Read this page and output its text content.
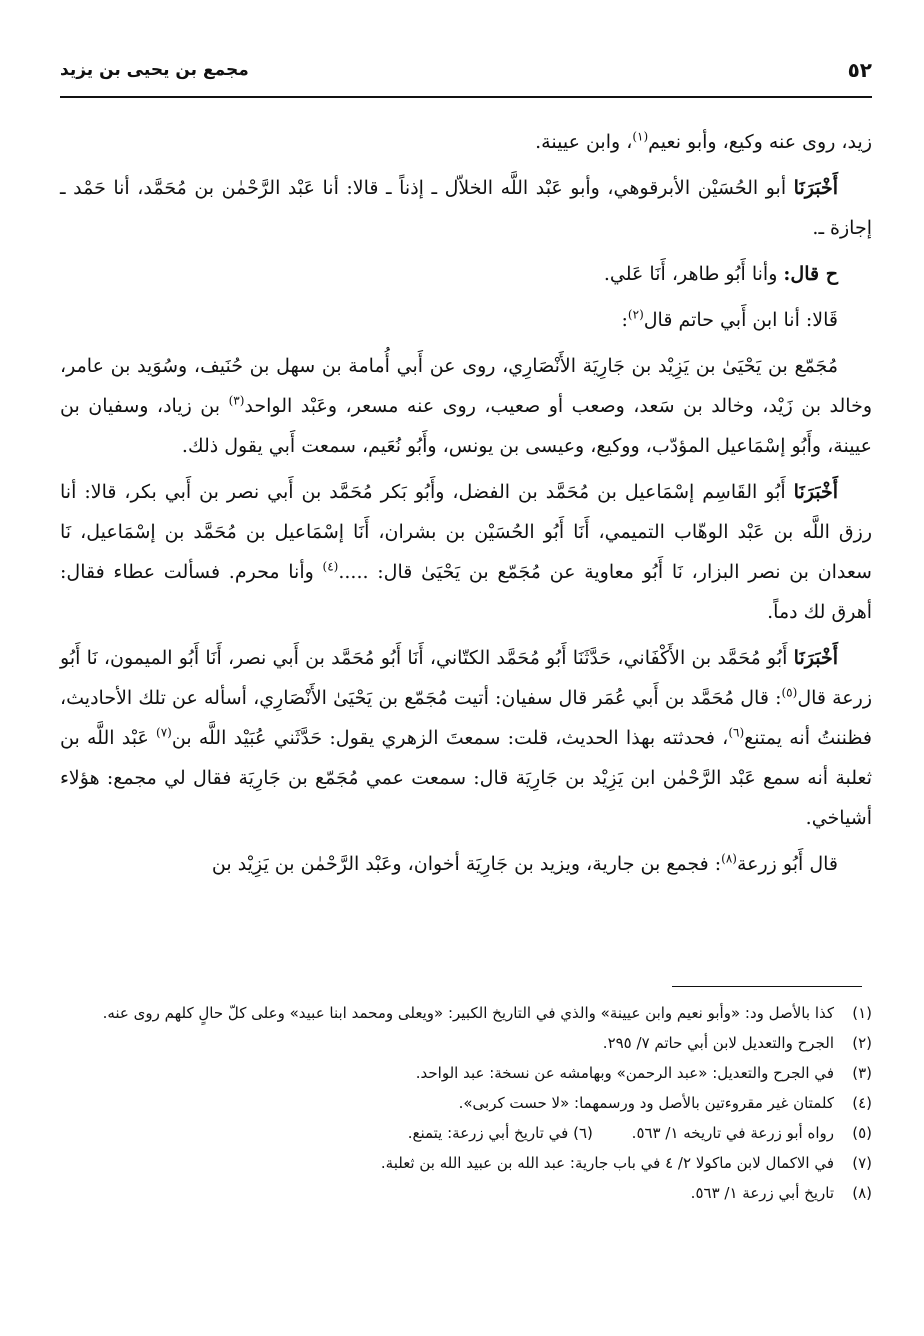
٥٢
مجمع بن يحيى بن يزيد

زيد، روى عنه وكيع، وأبو نعيم$^{(١)}$، وابن عيينة.

أَخْبَرَنَا أبو الحُسَيْن الأبرقوهي، وأبو عَبْد اللَّه الخلاّل ـ إذناً ـ قالا: أنا عَبْد الرَّحْمٰن بن مُحَمَّد، أنا حَمْد ـ إجازة ـ.

ح قال: وأنا أَبُو طاهر، أَنَا عَلي.

قَالا: أنا ابن أَبي حاتم قال$^{(٢)}$:

مُجَمّع بن يَحْيَىٰ بن يَزِيْد بن جَارِيَة الأَنْصَارِي، روى عن أَبي أُمامة بن سهل بن حُنَيف، وسُوَيد بن عامر، وخالد بن زَيْد، وخالد بن سَعد، وصعب أو صعيب، روى عنه مسعر، وعَبْد الواحد$^{(٣)}$ بن زياد، وسفيان بن عيينة، وأَبُو إسْمَاعيل المؤدّب، ووكيع، وعيسى بن يونس، وأَبُو نُعَيم، سمعت أَبي يقول ذلك.

أَخْبَرَنَا أَبُو القَاسِم إسْمَاعيل بن مُحَمَّد بن الفضل، وأَبُو بَكر مُحَمَّد بن أَبي نصر بن أَبي بكر، قالا: أنا رزق اللَّه بن عَبْد الوهّاب التميمي، أَنَا أَبُو الحُسَيْن بن بشران، أَنَا إسْمَاعيل بن مُحَمَّد بن إسْمَاعيل، نَا سعدان بن نصر البزار، نَا أَبُو معاوية عن مُجَمّع بن يَحْيَىٰ قال: .....$^{(٤)}$ وأنا محرم. فسألت عطاء فقال: أهرق لك دماً.

أَخْبَرَنَا أَبُو مُحَمَّد بن الأَكْفَاني، حَدَّثَنَا أَبُو مُحَمَّد الكتّاني، أَنَا أَبُو مُحَمَّد بن أَبي نصر، أَنَا أَبُو الميمون، نَا أَبُو زرعة قال$^{(٥)}$: قال مُحَمَّد بن أَبي عُمَر قال سفيان: أتيت مُجَمّع بن يَحْيَىٰ الأَنْصَارِي، أسأله عن تلك الأحاديث، فظننتُ أنه يمتنع$^{(٦)}$، فحدثته بهذا الحديث، قلت: سمعتَ الزهري يقول: حَدَّثَني عُبَيْد اللَّه بن$^{(٧)}$ عَبْد اللَّه بن ثعلبة أنه سمع عَبْد الرَّحْمٰن ابن يَزِيْد بن جَارِيَة قال: سمعت عمي مُجَمّع بن جَارِيَة فقال لي مجمع: هؤلاء أشياخي.

قال أَبُو زرعة$^{(٨)}$: فجمع بن جارية، ويزيد بن جَارِيَة أخوان، وعَبْد الرَّحْمٰن بن يَزِيْد بن

(١)
كذا بالأصل ود: «وأبو نعيم وابن عيينة» والذي في التاريخ الكبير: «ويعلى ومحمد ابنا عبيد» وعلى كلّ حالٍ كلهم روى عنه.
(٢)
الجرح والتعديل لابن أبي حاتم ٧/ ٢٩٥.
(٣)
في الجرح والتعديل: «عبد الرحمن» وبهامشه عن نسخة: عبد الواحد.
(٤)
كلمتان غير مقروءتين بالأصل ود ورسمهما: «لا حست كربى».
(٥)
رواه أبو زرعة في تاريخه ١/ ٥٦٣. (٦) في تاريخ أبي زرعة: يتمنع.
(٧)
في الاكمال لابن ماكولا ٢/ ٤ في باب جارية: عبد الله بن عبيد الله بن ثعلبة.
(٨)
تاريخ أبي زرعة ١/ ٥٦٣.
